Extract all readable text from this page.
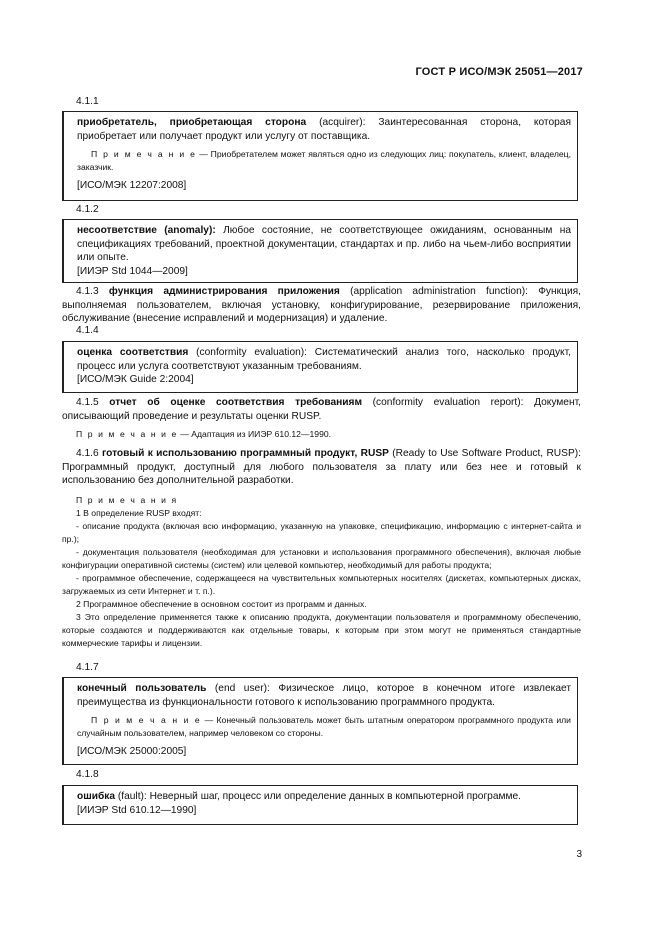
ГОСТ Р ИСО/МЭК 25051—2017
4.1.1

приобретатель, приобретающая сторона (acquirer): Заинтересованная сторона, которая приобретает или получает продукт или услугу от поставщика.

П р и м е ч а н и е — Приобретателем может являться одно из следующих лиц: покупатель, клиент, владелец, заказчик.

[ИСО/МЭК 12207:2008]

4.1.2

несоответствие (anomaly): Любое состояние, не соответствующее ожиданиям, основанным на спецификациях требований, проектной документации, стандартах и пр. либо на чьем-либо восприятии или опыте.

[ИИЭР Std 1044—2009]

4.1.3 функция администрирования приложения (application administration function): Функция, выполняемая пользователем, включая установку, конфигурирование, резервирование приложения, обслуживание (внесение исправлений и модернизация) и удаление.

4.1.4

оценка соответствия (conformity evaluation): Систематический анализ того, насколько продукт, процесс или услуга соответствуют указанным требованиям.

[ИСО/МЭК Guide 2:2004]

4.1.5 отчет об оценке соответствия требованиям (conformity evaluation report): Документ, описывающий проведение и результаты оценки RUSP.

П р и м е ч а н и е — Адаптация из ИИЭР 610.12—1990.

4.1.6 готовый к использованию программный продукт, RUSP (Ready to Use Software Product, RUSP): Программный продукт, доступный для любого пользователя за плату или без нее и готовый к использованию без дополнительной разработки.

П р и м е ч а н и я

1 В определение RUSP входят:

- описание продукта (включая всю информацию, указанную на упаковке, спецификацию, информацию с интернет-сайта и пр.);

- документация пользователя (необходимая для установки и использования программного обеспечения), включая любые конфигурации оперативной системы (систем) или целевой компьютер, необходимый для работы продукта;

- программное обеспечение, содержащееся на чувствительных компьютерных носителях (дискетах, компьютерных дисках, загружаемых из сети Интернет и т. п.).

2 Программное обеспечение в основном состоит из программ и данных.

3 Это определение применяется также к описанию продукта, документации пользователя и программному обеспечению, которые создаются и поддерживаются как отдельные товары, к которым при этом могут не применяться стандартные коммерческие тарифы и лицензии.

4.1.7

конечный пользователь (end user): Физическое лицо, которое в конечном итоге извлекает преимущества из функциональности готового к использованию программного продукта.

П р и м е ч а н и е — Конечный пользователь может быть штатным оператором программного продукта или случайным пользователем, например человеком со стороны.

[ИСО/МЭК 25000:2005]

4.1.8

ошибка (fault): Неверный шаг, процесс или определение данных в компьютерной программе.

[ИИЭР Std 610.12—1990]

3
